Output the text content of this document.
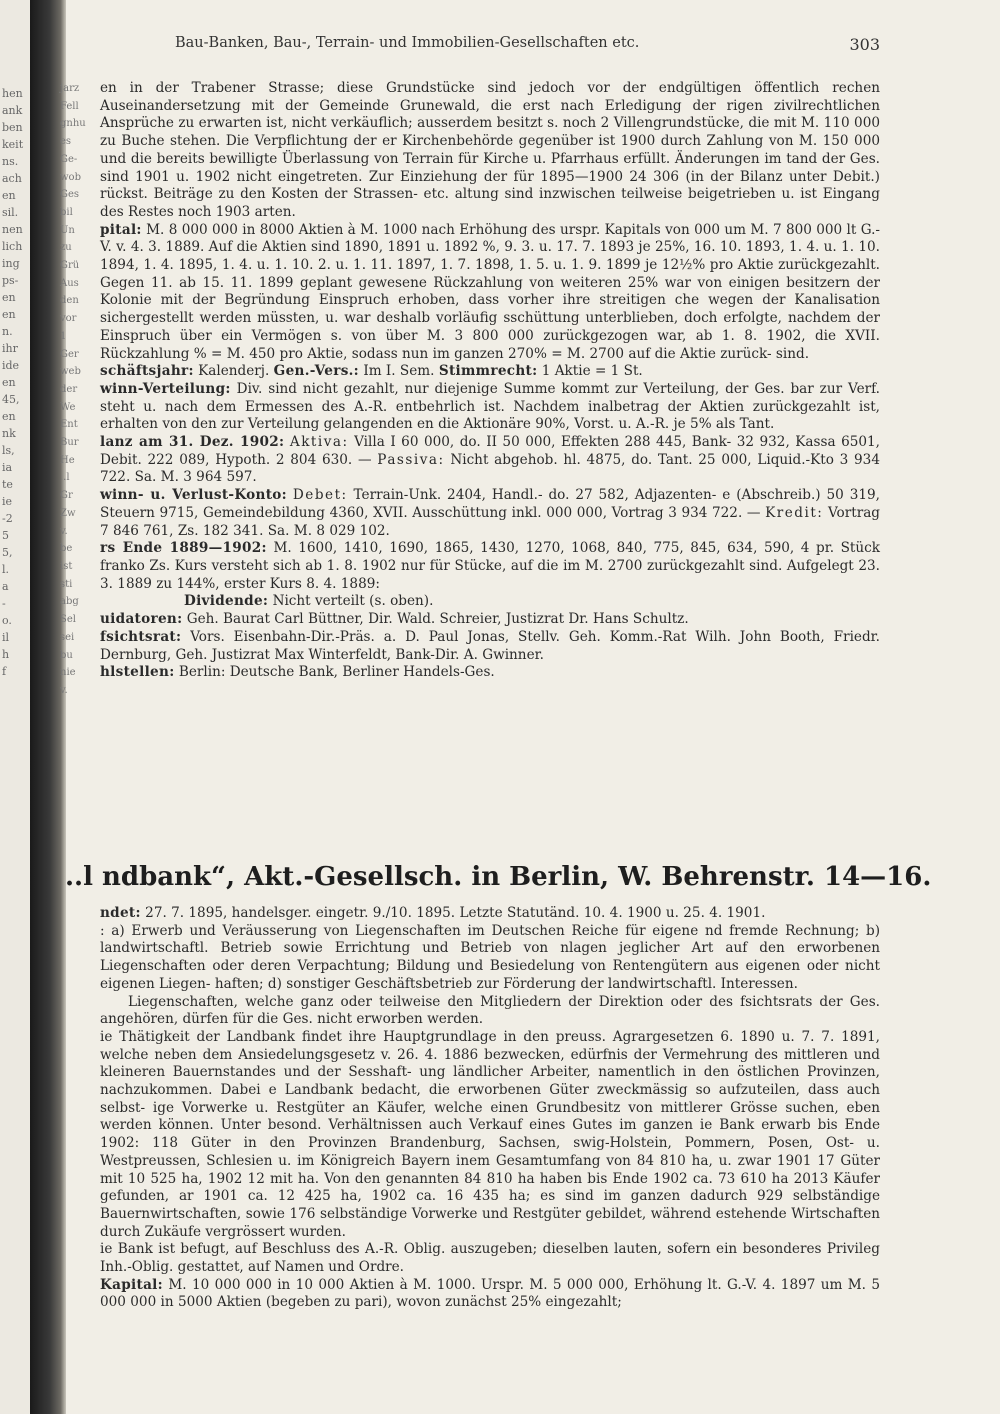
hen
ank
ben
keit
ns.
ach
en
sil.
nen
lich
ing
ps-
en
en
n.
ihr
ide
en
45,
en
nk
ls,
ia
te
ie
-2
5
5,
l.
a
-
o.
il
h
f
jarz
Fell
gnhu
es
Ge-
wob
Ges
bil
Un
zu
Grü
Aus
den
vor
1
Ger
web
der
We
Ent
Bur
He
..l
Gr
Zw
v.
be
ist
sti
abg
Sel
sei
bu
nie
v.
Bau-Banken, Bau-, Terrain- und Immobilien-Gesellschaften etc.	303

en in der Trabener Strasse; diese Grundstücke sind jedoch vor der endgültigen öffentlich rechen Auseinandersetzung mit der Gemeinde Grunewald, die erst nach Erledigung der rigen zivilrechtlichen Ansprüche zu erwarten ist, nicht verkäuflich; ausserdem besitzt s. noch 2 Villengrundstücke, die mit M. 110 000 zu Buche stehen. Die Verpflichtung der er Kirchenbehörde gegenüber ist 1900 durch Zahlung von M. 150 000 und die bereits bewilligte Überlassung von Terrain für Kirche u. Pfarrhaus erfüllt. Änderungen im tand der Ges. sind 1901 u. 1902 nicht eingetreten. Zur Einziehung der für 1895—1900 24 306 (in der Bilanz unter Debit.) rückst. Beiträge zu den Kosten der Strassen- etc. altung sind inzwischen teilweise beigetrieben u. ist Eingang des Restes noch 1903 arten.

pital: M. 8 000 000 in 8000 Aktien à M. 1000 nach Erhöhung des urspr. Kapitals von 000 um M. 7 800 000 lt G.-V. v. 4. 3. 1889. Auf die Aktien sind 1890, 1891 u. 1892 %, 9. 3. u. 17. 7. 1893 je 25%, 16. 10. 1893, 1. 4. u. 1. 10. 1894, 1. 4. 1895, 1. 4. u. 1. 10. 2. u. 1. 11. 1897, 1. 7. 1898, 1. 5. u. 1. 9. 1899 je 12½% pro Aktie zurückgezahlt. Gegen 11. ab 15. 11. 1899 geplant gewesene Rückzahlung von weiteren 25% war von einigen besitzern der Kolonie mit der Begründung Einspruch erhoben, dass vorher ihre streitigen che wegen der Kanalisation sichergestellt werden müssten, u. war deshalb vorläufig sschüttung unterblieben, doch erfolgte, nachdem der Einspruch über ein Vermögen s. von über M. 3 800 000 zurückgezogen war, ab 1. 8. 1902, die XVII. Rückzahlung % = M. 450 pro Aktie, sodass nun im ganzen 270% = M. 2700 auf die Aktie zurück- sind.

schäftsjahr: Kalenderj. Gen.-Vers.: Im I. Sem. Stimmrecht: 1 Aktie = 1 St.

winn-Verteilung: Div. sind nicht gezahlt, nur diejenige Summe kommt zur Verteilung, der Ges. bar zur Verf. steht u. nach dem Ermessen des A.-R. entbehrlich ist. Nachdem inalbetrag der Aktien zurückgezahlt ist, erhalten von den zur Verteilung gelangenden en die Aktionäre 90%, Vorst. u. A.-R. je 5% als Tant.

lanz am 31. Dez. 1902: Aktiva: Villa I 60 000, do. II 50 000, Effekten 288 445, Bank- 32 932, Kassa 6501, Debit. 222 089, Hypoth. 2 804 630. — Passiva: Nicht abgehob. hl. 4875, do. Tant. 25 000, Liquid.-Kto 3 934 722. Sa. M. 3 964 597.

winn- u. Verlust-Konto: Debet: Terrain-Unk. 2404, Handl.- do. 27 582, Adjazenten- e (Abschreib.) 50 319, Steuern 9715, Gemeindebildung 4360, XVII. Ausschüttung inkl. 000 000, Vortrag 3 934 722. — Kredit: Vortrag 7 846 761, Zs. 182 341. Sa. M. 8 029 102.

rs Ende 1889—1902: M. 1600, 1410, 1690, 1865, 1430, 1270, 1068, 840, 775, 845, 634, 590, 4 pr. Stück franko Zs. Kurs versteht sich ab 1. 8. 1902 nur für Stücke, auf die im M. 2700 zurückgezahlt sind. Aufgelegt 23. 3. 1889 zu 144%, erster Kurs 8. 4. 1889:

Dividende: Nicht verteilt (s. oben).

uidatoren: Geh. Baurat Carl Büttner, Dir. Wald. Schreier, Justizrat Dr. Hans Schultz.

fsichtsrat: Vors. Eisenbahn-Dir.-Präs. a. D. Paul Jonas, Stellv. Geh. Komm.-Rat Wilh. John Booth, Friedr. Dernburg, Geh. Justizrat Max Winterfeldt, Bank-Dir. A. Gwinner.

hlstellen: Berlin: Deutsche Bank, Berliner Handels-Ges.

..l ndbank“, Akt.-Gesellsch. in Berlin, W. Behrenstr. 14—16.

ndet: 27. 7. 1895, handelsger. eingetr. 9./10. 1895. Letzte Statutänd. 10. 4. 1900 u. 25. 4. 1901.

: a) Erwerb und Veräusserung von Liegenschaften im Deutschen Reiche für eigene nd fremde Rechnung; b) landwirtschaftl. Betrieb sowie Errichtung und Betrieb von nlagen jeglicher Art auf den erworbenen Liegenschaften oder deren Verpachtung; Bildung und Besiedelung von Rentengütern aus eigenen oder nicht eigenen Liegen- haften; d) sonstiger Geschäftsbetrieb zur Förderung der landwirtschaftl. Interessen.

Liegenschaften, welche ganz oder teilweise den Mitgliedern der Direktion oder des fsichtsrats der Ges. angehören, dürfen für die Ges. nicht erworben werden.

ie Thätigkeit der Landbank findet ihre Hauptgrundlage in den preuss. Agrargesetzen 6. 1890 u. 7. 7. 1891, welche neben dem Ansiedelungsgesetz v. 26. 4. 1886 bezwecken, edürfnis der Vermehrung des mittleren und kleineren Bauernstandes und der Sesshaft- ung ländlicher Arbeiter, namentlich in den östlichen Provinzen, nachzukommen. Dabei e Landbank bedacht, die erworbenen Güter zweckmässig so aufzuteilen, dass auch selbst- ige Vorwerke u. Restgüter an Käufer, welche einen Grundbesitz von mittlerer Grösse suchen, eben werden können. Unter besond. Verhältnissen auch Verkauf eines Gutes im ganzen ie Bank erwarb bis Ende 1902: 118 Güter in den Provinzen Brandenburg, Sachsen, swig-Holstein, Pommern, Posen, Ost- u. Westpreussen, Schlesien u. im Königreich Bayern inem Gesamtumfang von 84 810 ha, u. zwar 1901 17 Güter mit 10 525 ha, 1902 12 mit ha. Von den genannten 84 810 ha haben bis Ende 1902 ca. 73 610 ha 2013 Käufer gefunden, ar 1901 ca. 12 425 ha, 1902 ca. 16 435 ha; es sind im ganzen dadurch 929 selbständige Bauernwirtschaften, sowie 176 selbständige Vorwerke und Restgüter gebildet, während estehende Wirtschaften durch Zukäufe vergrössert wurden.

ie Bank ist befugt, auf Beschluss des A.-R. Oblig. auszugeben; dieselben lauten, sofern ein besonderes Privileg Inh.-Oblig. gestattet, auf Namen und Ordre.

Kapital: M. 10 000 000 in 10 000 Aktien à M. 1000. Urspr. M. 5 000 000, Erhöhung lt. G.-V. 4. 1897 um M. 5 000 000 in 5000 Aktien (begeben zu pari), wovon zunächst 25% eingezahlt;
